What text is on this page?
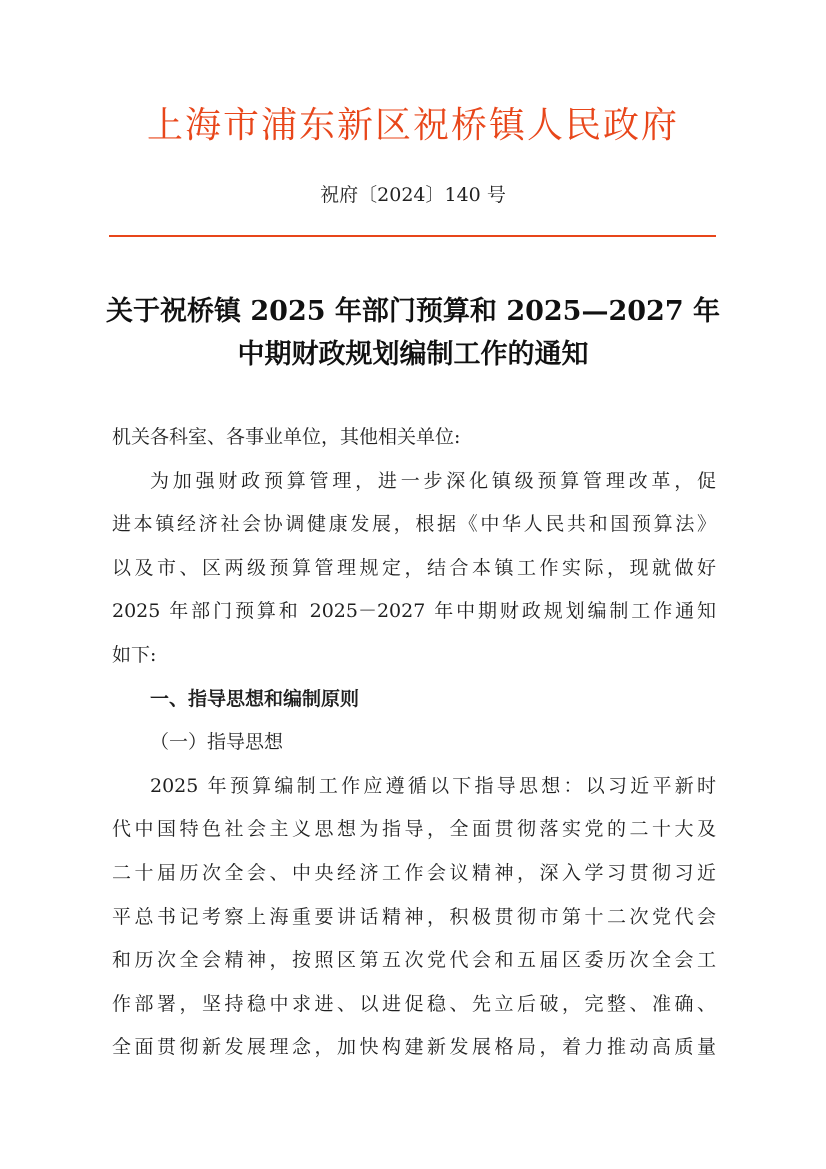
上海市浦东新区祝桥镇人民政府
祝府〔2024〕140 号
关于祝桥镇 2025 年部门预算和 2025—2027 年
中期财政规划编制工作的通知
机关各科室、各事业单位，其他相关单位:
为加强财政预算管理，进一步深化镇级预算管理改革，促
进本镇经济社会协调健康发展，根据《中华人民共和国预算法》
以及市、区两级预算管理规定，结合本镇工作实际，现就做好
2025 年部门预算和 2025－2027 年中期财政规划编制工作通知
如下:
一、指导思想和编制原则
（一）指导思想
2025 年预算编制工作应遵循以下指导思想：以习近平新时
代中国特色社会主义思想为指导，全面贯彻落实党的二十大及
二十届历次全会、中央经济工作会议精神，深入学习贯彻习近
平总书记考察上海重要讲话精神，积极贯彻市第十二次党代会
和历次全会精神，按照区第五次党代会和五届区委历次全会工
作部署，坚持稳中求进、以进促稳、先立后破，完整、准确、
全面贯彻新发展理念，加快构建新发展格局，着力推动高质量
